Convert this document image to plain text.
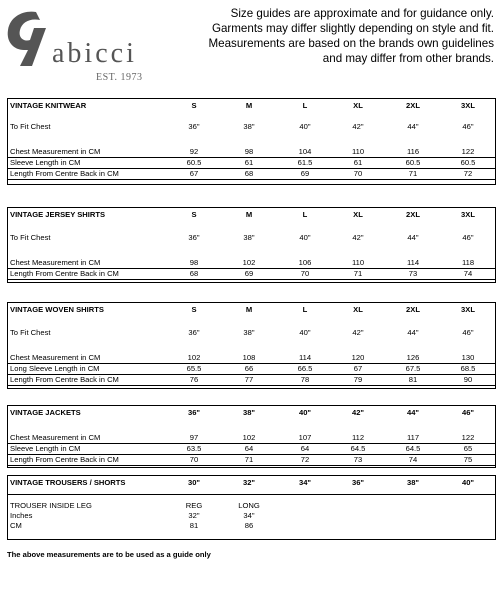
abicci
EST. 1973
Size guides are approximate and for guidance only.
Garments may differ slightly depending on style and fit.
Measurements are based on the brands own guidelines
and may differ from other brands.
VINTAGE KNITWEAR	S	M	L	XL	2XL	3XL
To Fit Chest	36"	38"	40"	42"	44"	46"
Chest Measurement in CM	92	98	104	110	116	122
Sleeve Length in CM	60.5	61	61.5	61	60.5	60.5
Length From Centre Back in CM	67	68	69	70	71	72
VINTAGE JERSEY SHIRTS	S	M	L	XL	2XL	3XL
To Fit Chest	36"	38"	40"	42"	44"	46"
Chest Measurement in CM	98	102	106	110	114	118
Length From Centre Back in CM	68	69	70	71	73	74
VINTAGE WOVEN SHIRTS	S	M	L	XL	2XL	3XL
To Fit Chest	36"	38"	40"	42"	44"	46"
Chest Measurement in CM	102	108	114	120	126	130
Long Sleeve Length in CM	65.5	66	66.5	67	67.5	68.5
Length From Centre Back in CM	76	77	78	79	81	90
VINTAGE JACKETS	36"	38"	40"	42"	44"	46"
Chest Measurement in CM	97	102	107	112	117	122
Sleeve Length in CM	63.5	64	64	64.5	64.5	65
Length From Centre Back in CM	70	71	72	73	74	75
VINTAGE TROUSERS / SHORTS	30"	32"	34"	36"	38"	40"
TROUSER INSIDE LEG	REG	LONG
Inches	32"	34"
CM	81	86
The above measurements are to be used as a guide only
